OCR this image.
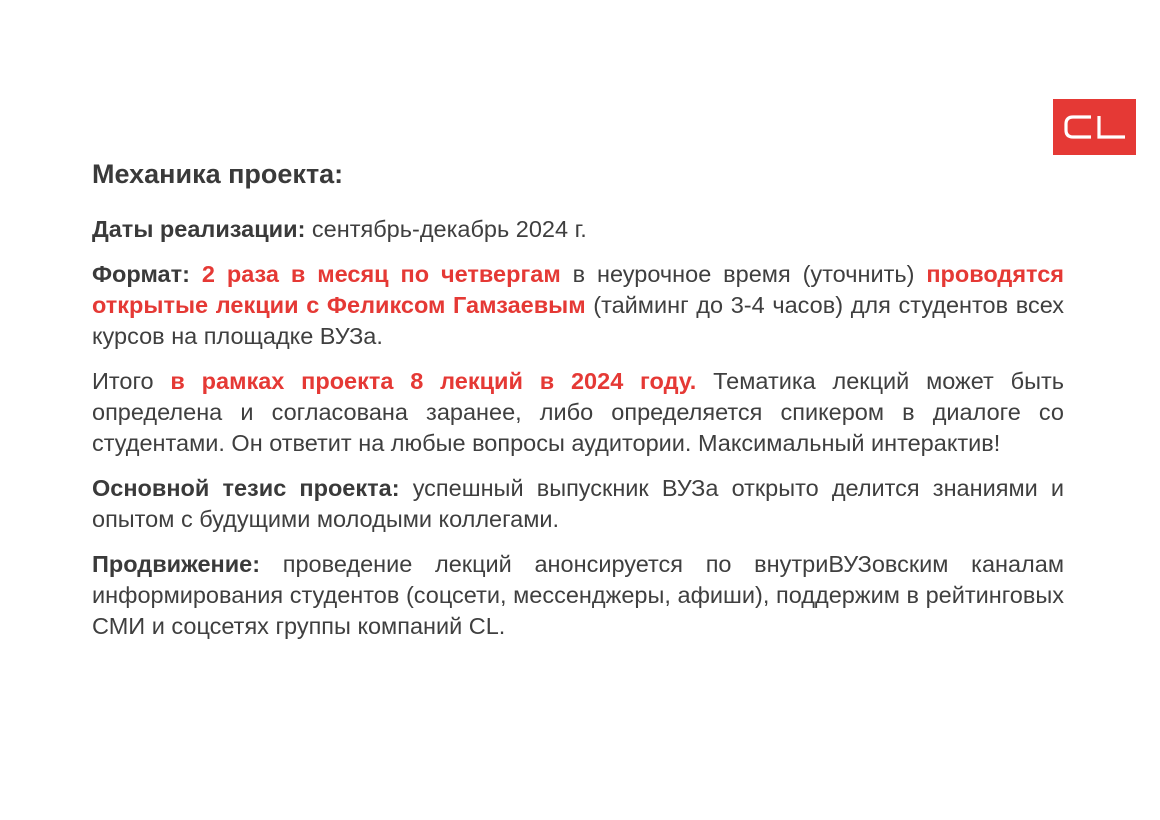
Механика проекта:

Даты реализации: сентябрь-декабрь 2024 г.

Формат: 2 раза в месяц по четвергам в неурочное время (уточнить) проводятся открытые лекции с Феликсом Гамзаевым (тайминг до 3-4 часов) для студентов всех курсов на площадке ВУЗа.

Итого в рамках проекта 8 лекций в 2024 году. Тематика лекций может быть определена и согласована заранее, либо определяется спикером в диалоге со студентами. Он ответит на любые вопросы аудитории. Максимальный интерактив!

Основной тезис проекта: успешный выпускник ВУЗа открыто делится знаниями и опытом с будущими молодыми коллегами.

Продвижение: проведение лекций анонсируется по внутриВУЗовским каналам информирования студентов (соцсети, мессенджеры, афиши), поддержим в рейтинговых СМИ и соцсетях группы компаний CL.
